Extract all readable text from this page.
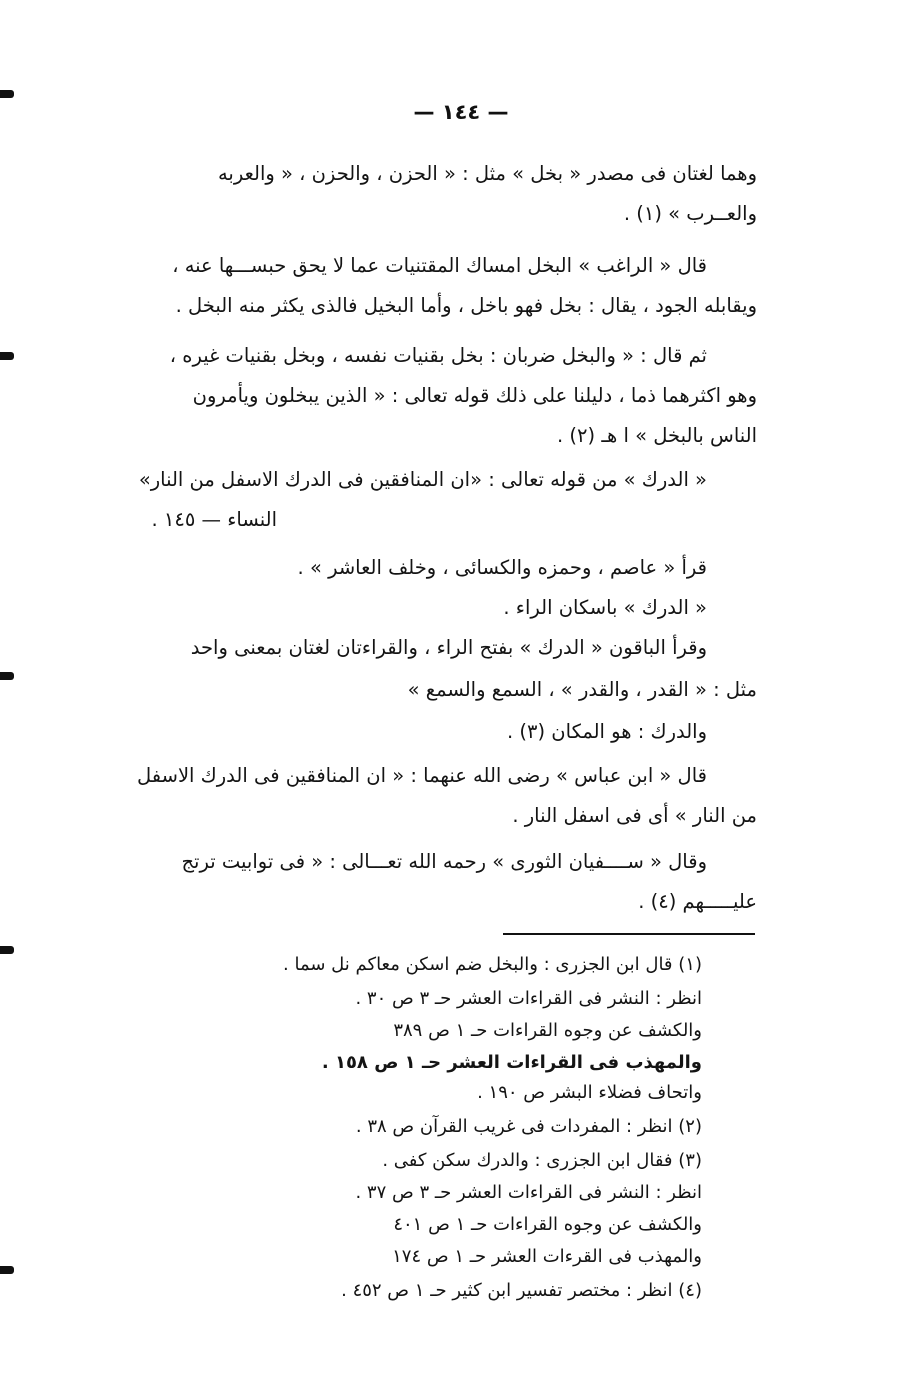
— ١٤٤ —
وهما لغتان فى مصدر « بخل » مثل : « الحزن ، والحزن ، « والعربه
والعــرب » (١) .
قال « الراغب » البخل امساك المقتنيات عما لا يحق حبســـها عنه ،
ويقابله الجود ، يقال : بخل فهو باخل ، وأما البخيل فالذى يكثر منه البخل .
ثم قال : « والبخل ضربان : بخل بقنيات نفسه ، وبخل بقنيات غيره ،
وهو اكثرهما ذما ، دليلنا على ذلك قوله تعالى : « الذين يبخلون ويأمرون
الناس بالبخل » ا هـ (٢) .
« الدرك » من قوله تعالى : «ان المنافقين فى الدرك الاسفل من النار»
النساء — ١٤٥ .
قرأ « عاصم ، وحمزه والكسائى ، وخلف العاشر » .
« الدرك » باسكان الراء .
وقرأ الباقون « الدرك » بفتح الراء ، والقراءتان لغتان بمعنى واحد
مثل : « القدر ، والقدر » ، السمع والسمع »
والدرك : هو المكان (٣) .
قال « ابن عباس » رضى الله عنهما : « ان المنافقين فى الدرك الاسفل
من النار » أى فى اسفل النار .
وقال « ســــفيان الثورى » رحمه الله تعـــالى : « فى توابيت ترتج
عليـــــهم (٤) .
(١) قال ابن الجزرى : والبخل ضم اسكن معاكم نل سما .
انظر : النشر فى القراءات العشر حـ ٣ ص ٣٠ .
والكشف عن وجوه القراءات حـ ١ ص ٣٨٩
والمهذب فى القراءات العشر حـ ١ ص ١٥٨ .
واتحاف فضلاء البشر ص ١٩٠ .
(٢) انظر : المفردات فى غريب القرآن ص ٣٨ .
(٣) فقال ابن الجزرى : والدرك سكن كفى .
انظر : النشر فى القراءات العشر حـ ٣ ص ٣٧ .
والكشف عن وجوه القراءات حـ ١ ص ٤٠١
والمهذب فى القرءات العشر حـ ١ ص ١٧٤
(٤) انظر : مختصر تفسير ابن كثير حـ ١ ص ٤٥٢ .
